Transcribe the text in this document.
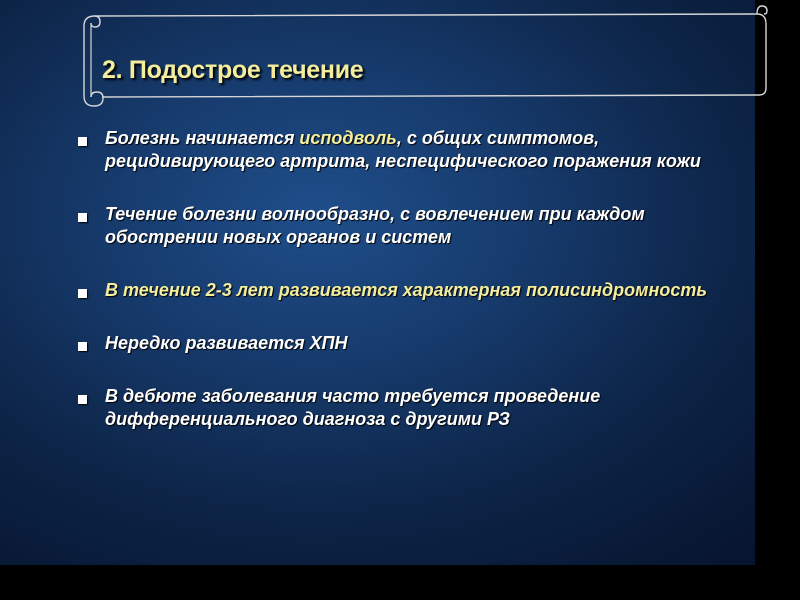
2. Подострое течение
Болезнь начинается исподволь, с общих симптомов, рецидивирующего артрита, неспецифического поражения кожи
Течение болезни волнообразно, с вовлечением при каждом обострении новых органов и систем
В течение 2-3 лет развивается характерная полисиндромность
Нередко развивается ХПН
В дебюте заболевания часто требуется проведение дифференциального диагноза с другими РЗ
